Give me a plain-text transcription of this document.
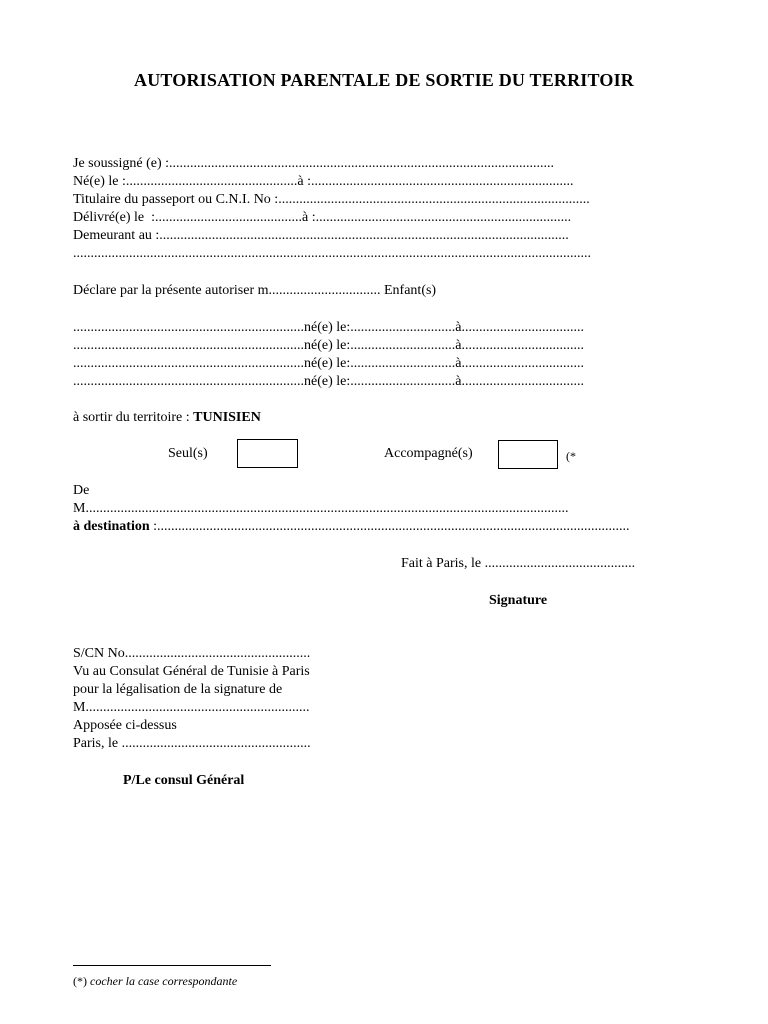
AUTORISATION PARENTALE DE SORTIE DU TERRITOIR
Je soussigné (e) :..............................................................................................................
Né(e) le :.................................................à :...........................................................................
Titulaire du passeport ou C.N.I. No :.........................................................................................
Délivré(e) le  :..........................................à :.........................................................................
Demeurant au :.....................................................................................................................
....................................................................................................................................................
Déclare par la présente autoriser m................................ Enfant(s)
..................................................................né(e) le:..............................à...................................
..................................................................né(e) le:..............................à...................................
..................................................................né(e) le:..............................à...................................
..................................................................né(e) le:..............................à...................................
à sortir du territoire : TUNISIEN
Seul(s)	Accompagné(s)	(*
De
M..........................................................................................................................................
à destination :.......................................................................................................................................
Fait à Paris, le ...........................................
Signature
S/CN No.....................................................
Vu au Consulat Général de Tunisie à Paris
pour la légalisation de la signature de
M................................................................
Apposée ci-dessus
Paris, le ......................................................
P/Le consul Général
(*) cocher la case correspondante
